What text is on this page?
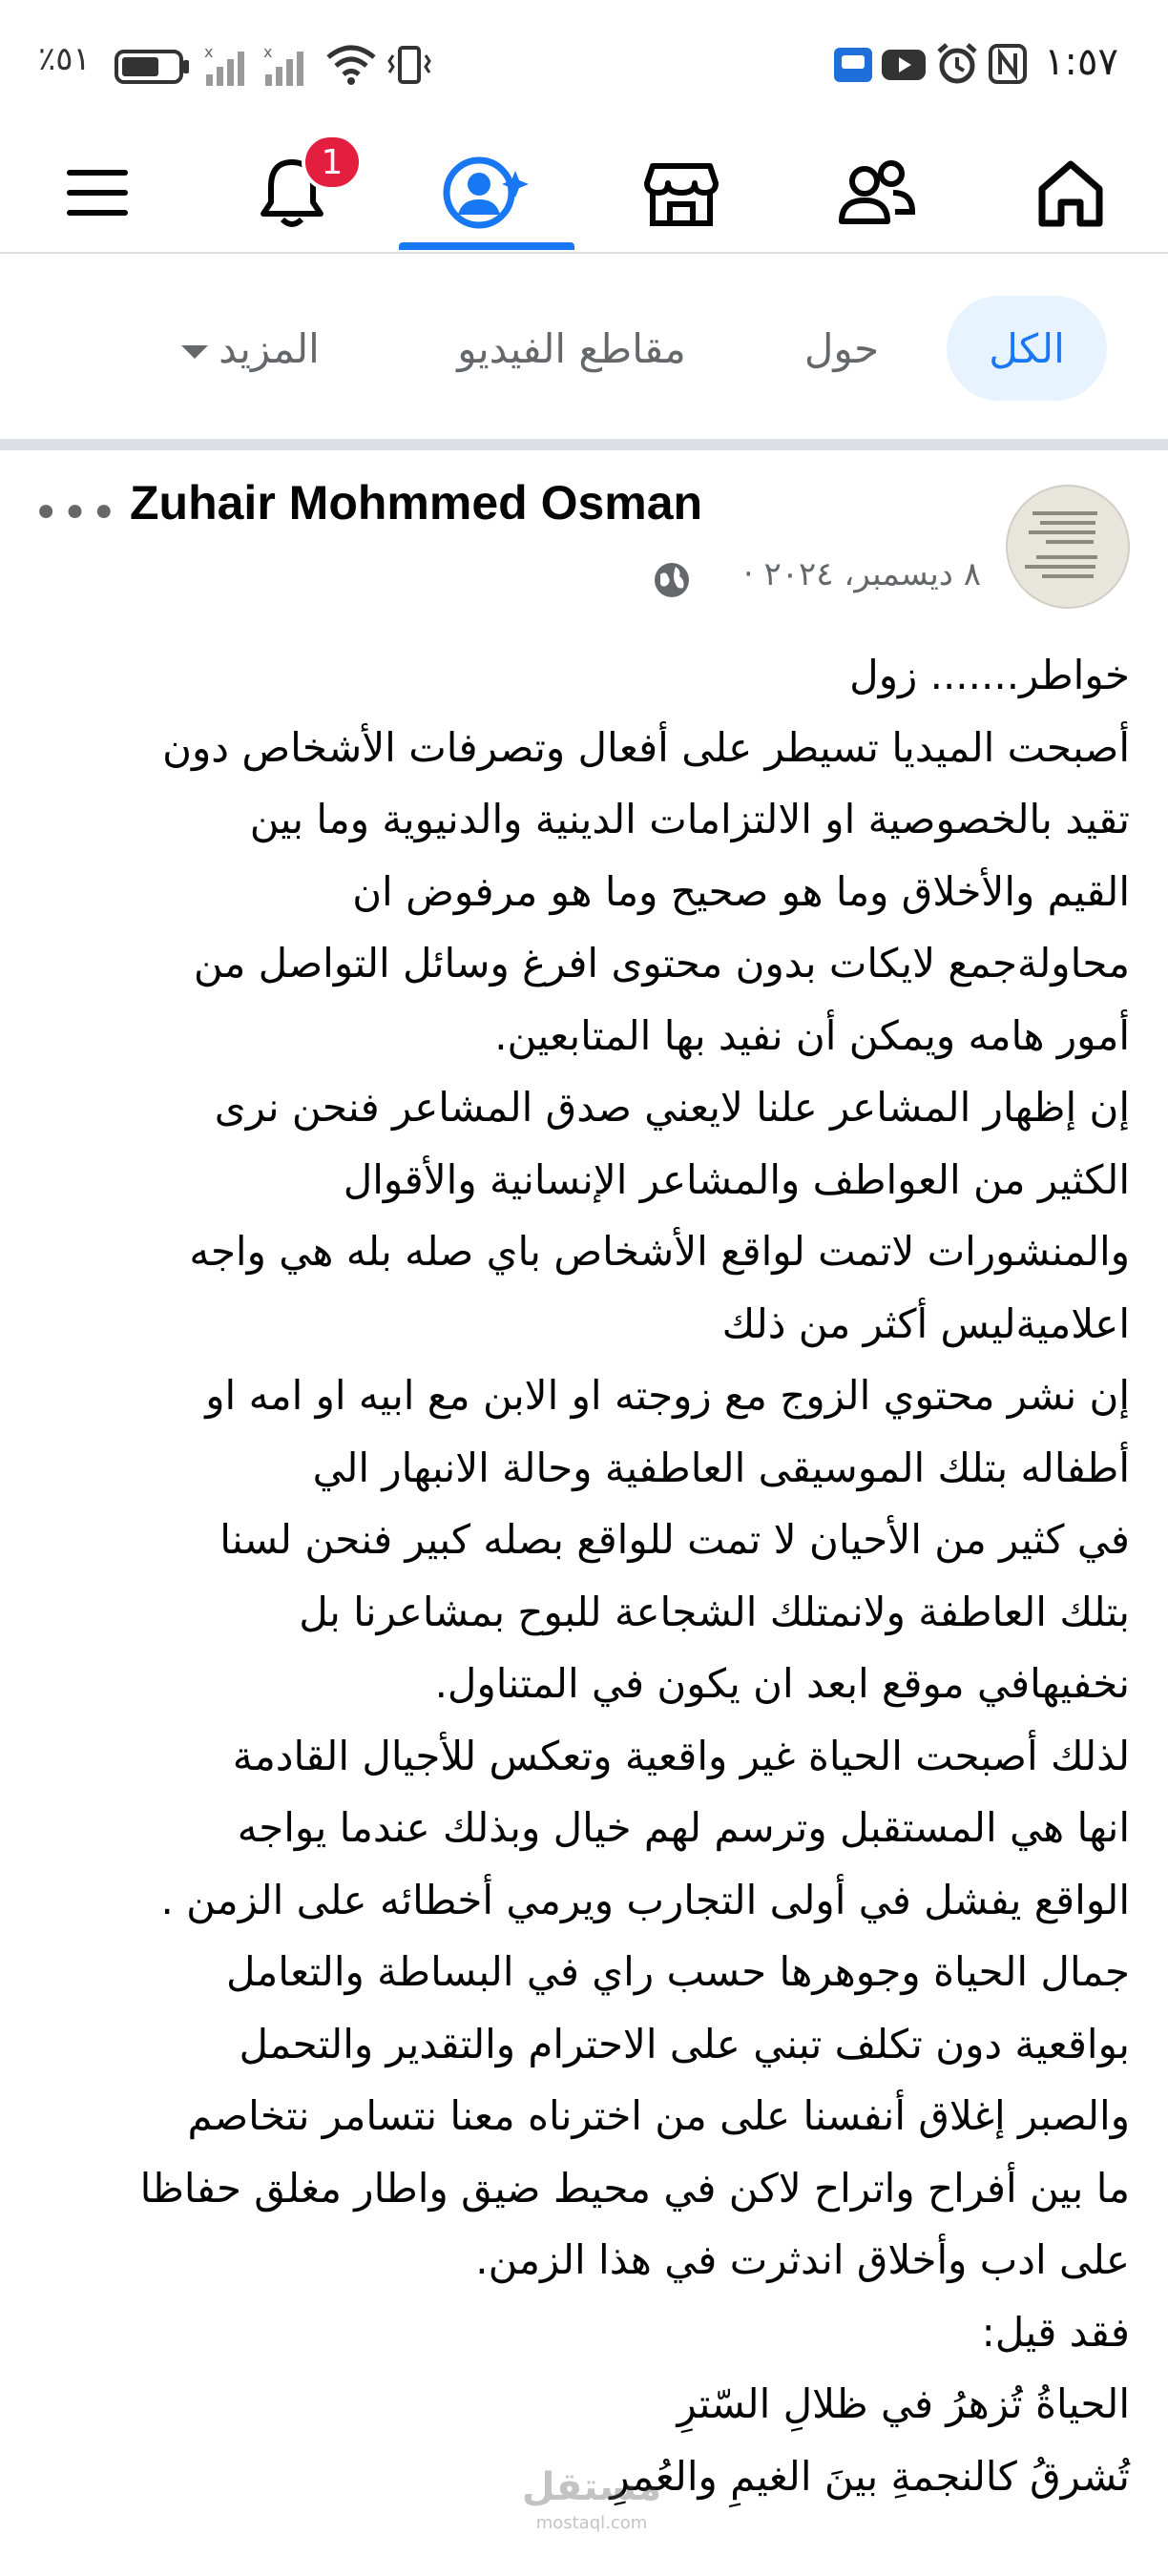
١:٥٧
٪٥١	x	x
1
الكل
حول
مقاطع الفيديو
المزيد
••• Zuhair Mohmmed Osman
٨ ديسمبر، ٢٠٢٤ ·
خواطر....... زول
أصبحت الميديا تسيطر على أفعال وتصرفات الأشخاص دون
تقيد بالخصوصية او الالتزامات الدينية والدنيوية وما بين
القيم والأخلاق وما هو صحيح وما هو مرفوض ان
محاولةجمع لايكات بدون محتوى افرغ وسائل التواصل من
أمور هامه ويمكن أن نفيد بها المتابعين.
إن إظهار المشاعر علنا لايعني صدق المشاعر فنحن نرى
الكثير من العواطف والمشاعر الإنسانية والأقوال
والمنشورات لاتمت لواقع الأشخاص باي صله بله هي واجه
اعلاميةليس أكثر من ذلك
إن نشر محتوي الزوج مع زوجته او الابن مع ابيه او امه او
أطفاله بتلك الموسيقى العاطفية وحالة الانبهار الي
في كثير من الأحيان لا تمت للواقع بصله كبير فنحن لسنا
بتلك العاطفة ولانمتلك الشجاعة للبوح بمشاعرنا بل
نخفيهافي موقع ابعد ان يكون في المتناول.
لذلك أصبحت الحياة غير واقعية وتعكس للأجيال القادمة
انها هي المستقبل وترسم لهم خيال وبذلك عندما يواجه
الواقع يفشل في أولى التجارب ويرمي أخطائه على الزمن .
جمال الحياة وجوهرها حسب راي في البساطة والتعامل
بواقعية دون تكلف تبني على الاحترام والتقدير والتحمل
والصبر إغلاق أنفسنا على من اخترناه معنا نتسامر نتخاصم
ما بين أفراح واتراح لاكن في محيط ضيق واطار مغلق حفاظا
على ادب وأخلاق اندثرت في هذا الزمن.
فقد قيل:
الحياةُ تُزهرُ في ظلالِ السّترِ
تُشرقُ كالنجمةِ بينَ الغيمِ والعُمرِ
مستقل
mostaql.com
